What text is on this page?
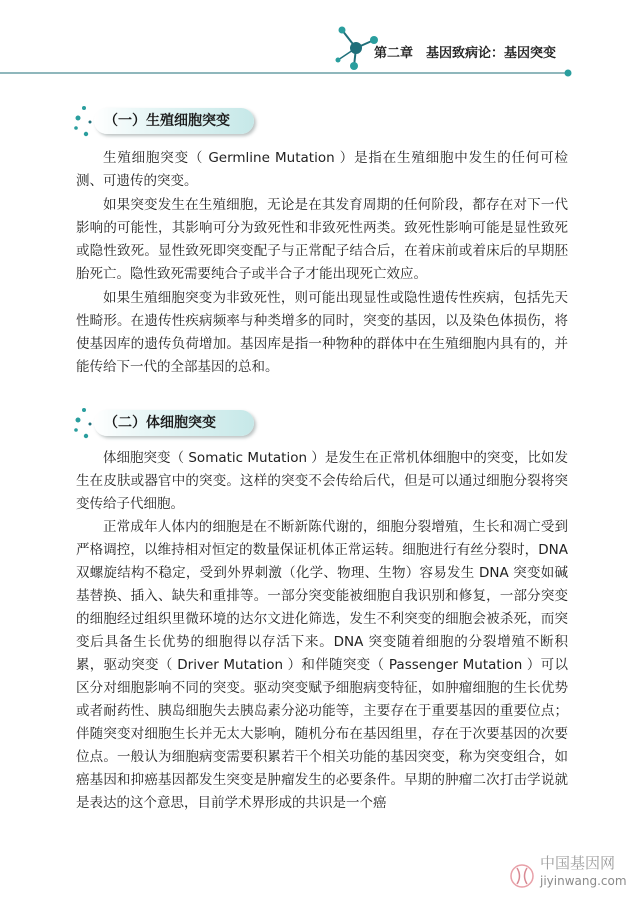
第二章　基因致病论：基因突变
（一）生殖细胞突变

生殖细胞突变（ Germline Mutation ）是指在生殖细胞中发生的任何可检测、可遗传的突变。

如果突变发生在生殖细胞，无论是在其发育周期的任何阶段，都存在对下一代影响的可能性，其影响可分为致死性和非致死性两类。致死性影响可能是显性致死或隐性致死。显性致死即突变配子与正常配子结合后，在着床前或着床后的早期胚胎死亡。隐性致死需要纯合子或半合子才能出现死亡效应。

如果生殖细胞突变为非致死性，则可能出现显性或隐性遗传性疾病，包括先天性畸形。在遗传性疾病频率与种类增多的同时，突变的基因，以及染色体损伤，将使基因库的遗传负荷增加。基因库是指一种物种的群体中在生殖细胞内具有的，并能传给下一代的全部基因的总和。

（二）体细胞突变

体细胞突变（ Somatic Mutation ）是发生在正常机体细胞中的突变，比如发生在皮肤或器官中的突变。这样的突变不会传给后代，但是可以通过细胞分裂将突变传给子代细胞。

正常成年人体内的细胞是在不断新陈代谢的，细胞分裂增殖，生长和凋亡受到严格调控，以维持相对恒定的数量保证机体正常运转。细胞进行有丝分裂时，DNA 双螺旋结构不稳定，受到外界刺激（化学、物理、生物）容易发生 DNA 突变如碱基替换、插入、缺失和重排等。一部分突变能被细胞自我识别和修复，一部分突变的细胞经过组织里微环境的达尔文进化筛选，发生不利突变的细胞会被杀死，而突变后具备生长优势的细胞得以存活下来。DNA 突变随着细胞的分裂增殖不断积累，驱动突变（ Driver Mutation ）和伴随突变（ Passenger Mutation ）可以区分对细胞影响不同的突变。驱动突变赋予细胞病变特征，如肿瘤细胞的生长优势或者耐药性、胰岛细胞失去胰岛素分泌功能等，主要存在于重要基因的重要位点；伴随突变对细胞生长并无太大影响，随机分布在基因组里，存在于次要基因的次要位点。一般认为细胞病变需要积累若干个相关功能的基因突变，称为突变组合，如癌基因和抑癌基因都发生突变是肿瘤发生的必要条件。早期的肿瘤二次打击学说就是表达的这个意思，目前学术界形成的共识是一个癌

中国基因网
jiyinwang.com
